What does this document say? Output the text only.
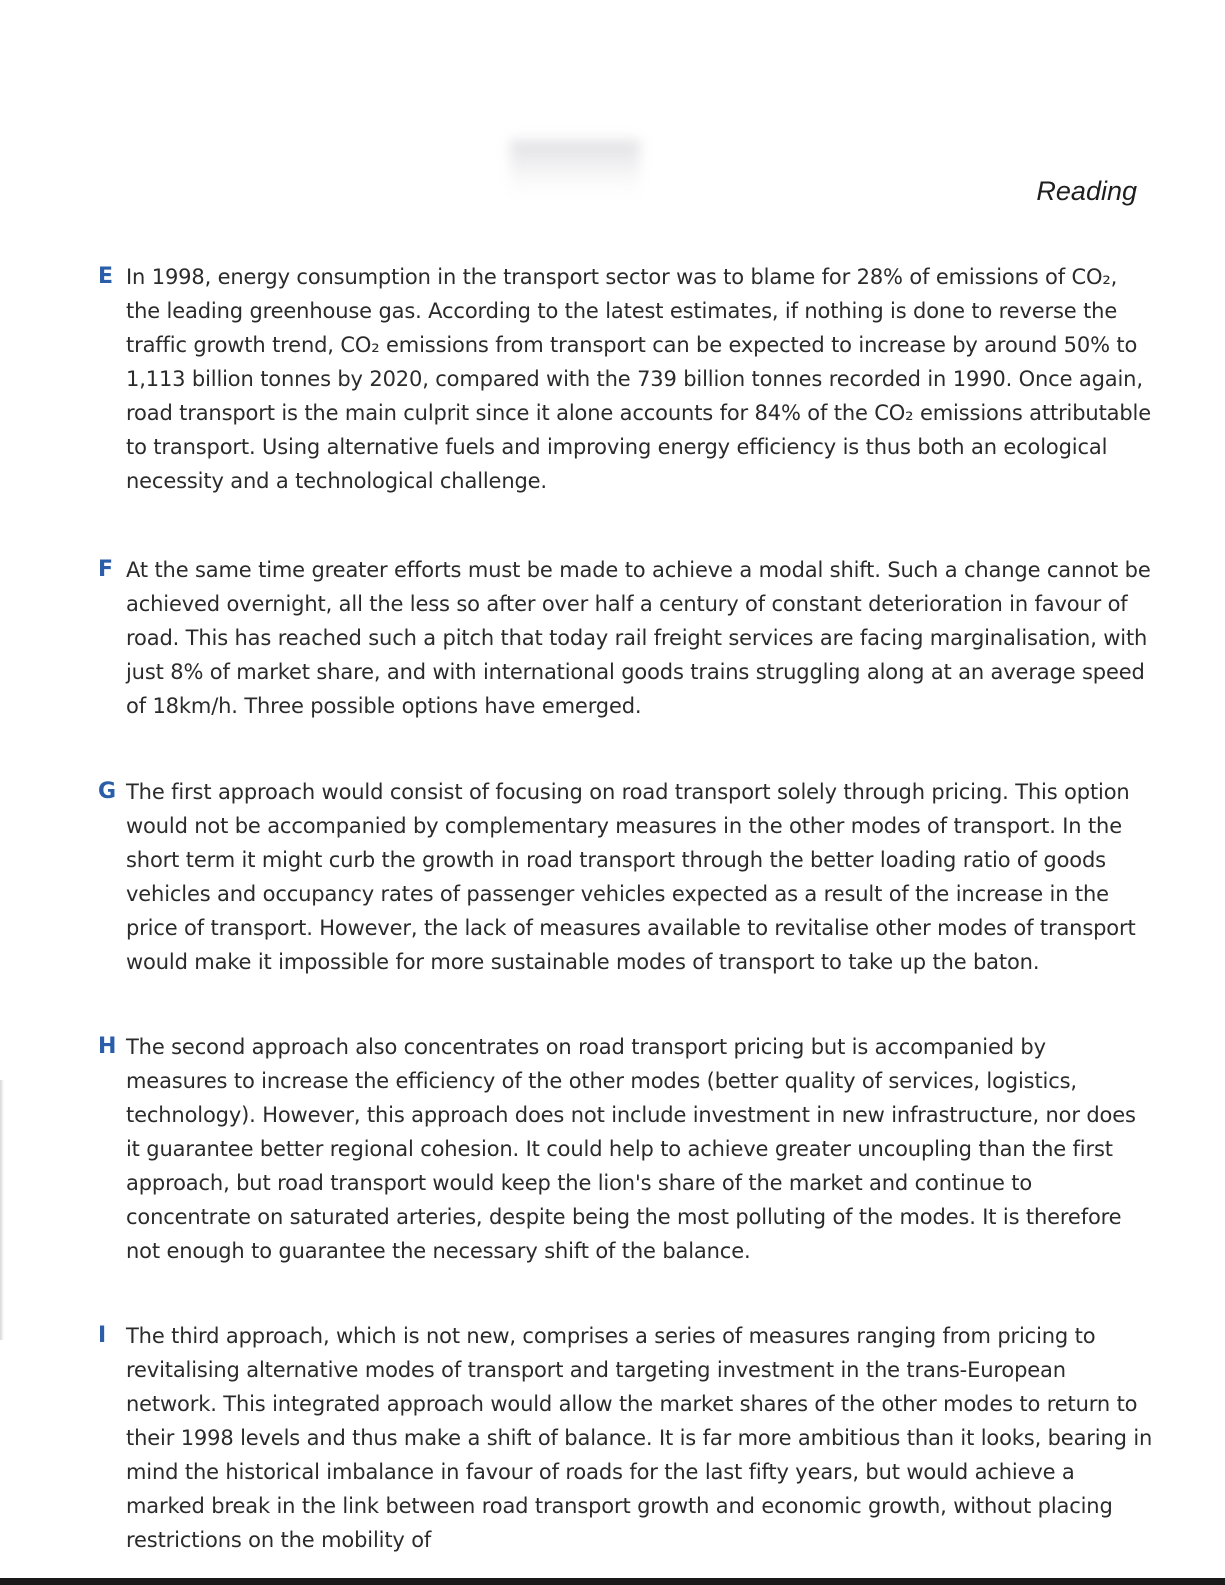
Reading
E In 1998, energy consumption in the transport sector was to blame for 28% of emissions of CO₂, the leading greenhouse gas. According to the latest estimates, if nothing is done to reverse the traffic growth trend, CO₂ emissions from transport can be expected to increase by around 50% to 1,113 billion tonnes by 2020, compared with the 739 billion tonnes recorded in 1990. Once again, road transport is the main culprit since it alone accounts for 84% of the CO₂ emissions attributable to transport. Using alternative fuels and improving energy efficiency is thus both an ecological necessity and a technological challenge.

F At the same time greater efforts must be made to achieve a modal shift. Such a change cannot be achieved overnight, all the less so after over half a century of constant deterioration in favour of road. This has reached such a pitch that today rail freight services are facing marginalisation, with just 8% of market share, and with international goods trains struggling along at an average speed of 18km/h. Three possible options have emerged.

G The first approach would consist of focusing on road transport solely through pricing. This option would not be accompanied by complementary measures in the other modes of transport. In the short term it might curb the growth in road transport through the better loading ratio of goods vehicles and occupancy rates of passenger vehicles expected as a result of the increase in the price of transport. However, the lack of measures available to revitalise other modes of transport would make it impossible for more sustainable modes of transport to take up the baton.

H The second approach also concentrates on road transport pricing but is accompanied by measures to increase the efficiency of the other modes (better quality of services, logistics, technology). However, this approach does not include investment in new infrastructure, nor does it guarantee better regional cohesion. It could help to achieve greater uncoupling than the first approach, but road transport would keep the lion's share of the market and continue to concentrate on saturated arteries, despite being the most polluting of the modes. It is therefore not enough to guarantee the necessary shift of the balance.

I The third approach, which is not new, comprises a series of measures ranging from pricing to revitalising alternative modes of transport and targeting investment in the trans-European network. This integrated approach would allow the market shares of the other modes to return to their 1998 levels and thus make a shift of balance. It is far more ambitious than it looks, bearing in mind the historical imbalance in favour of roads for the last fifty years, but would achieve a marked break in the link between road transport growth and economic growth, without placing restrictions on the mobility of
